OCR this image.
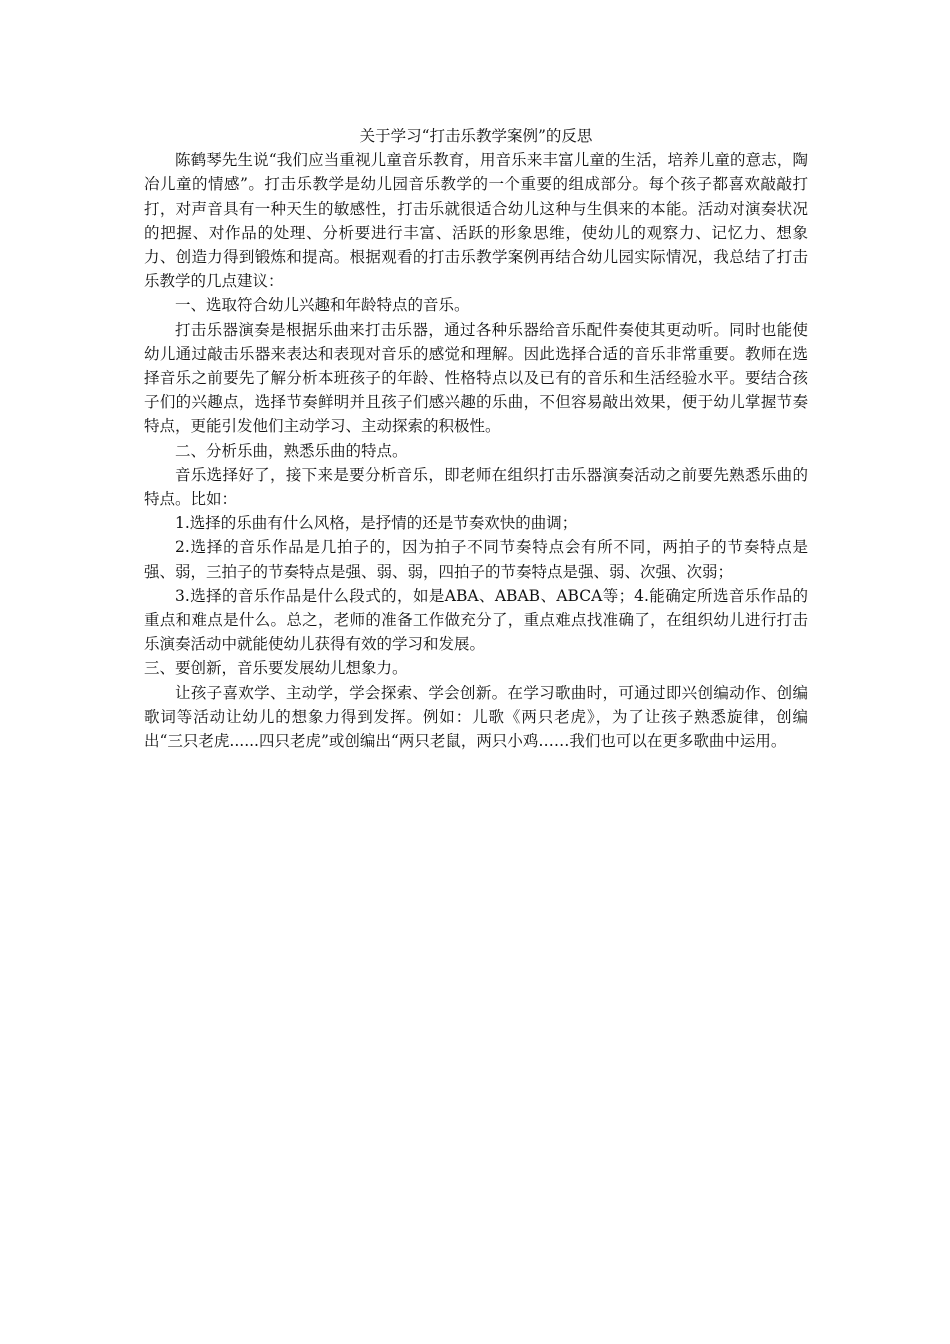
关于学习“打击乐教学案例”的反思

陈鹤琴先生说“我们应当重视儿童音乐教育，用音乐来丰富儿童的生活，培养儿童的意志，陶冶儿童的情感”。打击乐教学是幼儿园音乐教学的一个重要的组成部分。每个孩子都喜欢敲敲打打，对声音具有一种天生的敏感性，打击乐就很适合幼儿这种与生俱来的本能。活动对演奏状况的把握、对作品的处理、分析要进行丰富、活跃的形象思维，使幼儿的观察力、记忆力、想象力、创造力得到锻炼和提高。根据观看的打击乐教学案例再结合幼儿园实际情况，我总结了打击乐教学的几点建议：

一、选取符合幼儿兴趣和年龄特点的音乐。

打击乐器演奏是根据乐曲来打击乐器，通过各种乐器给音乐配件奏使其更动听。同时也能使幼儿通过敲击乐器来表达和表现对音乐的感觉和理解。因此选择合适的音乐非常重要。教师在选择音乐之前要先了解分析本班孩子的年龄、性格特点以及已有的音乐和生活经验水平。要结合孩子们的兴趣点，选择节奏鲜明并且孩子们感兴趣的乐曲，不但容易敲出效果，便于幼儿掌握节奏特点，更能引发他们主动学习、主动探索的积极性。

二、分析乐曲，熟悉乐曲的特点。

音乐选择好了，接下来是要分析音乐，即老师在组织打击乐器演奏活动之前要先熟悉乐曲的特点。比如：

1.选择的乐曲有什么风格，是抒情的还是节奏欢快的曲调；

2.选择的音乐作品是几拍子的，因为拍子不同节奏特点会有所不同，两拍子的节奏特点是强、弱，三拍子的节奏特点是强、弱、弱，四拍子的节奏特点是强、弱、次强、次弱；

3.选择的音乐作品是什么段式的，如是ABA、ABAB、ABCA等；4.能确定所选音乐作品的重点和难点是什么。总之，老师的准备工作做充分了，重点难点找准确了，在组织幼儿进行打击乐演奏活动中就能使幼儿获得有效的学习和发展。

三、要创新，音乐要发展幼儿想象力。

让孩子喜欢学、主动学，学会探索、学会创新。在学习歌曲时，可通过即兴创编动作、创编歌词等活动让幼儿的想象力得到发挥。例如：儿歌《两只老虎》，为了让孩子熟悉旋律，创编出“三只老虎......四只老虎”或创编出“两只老鼠，两只小鸡……我们也可以在更多歌曲中运用。
